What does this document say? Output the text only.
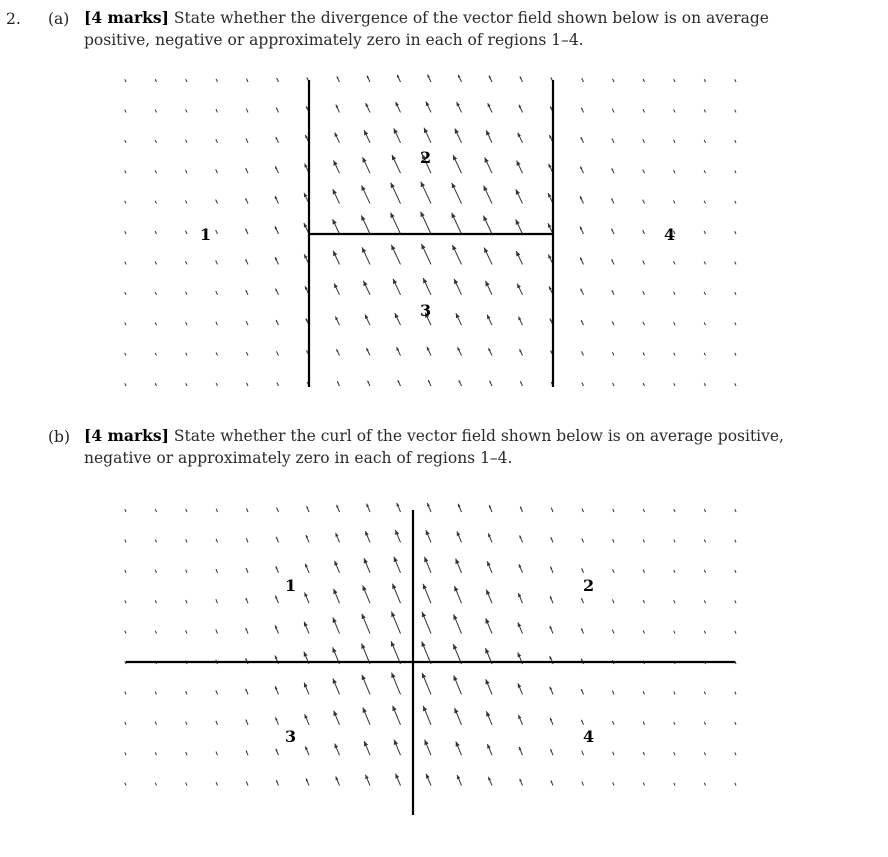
2. (a) [4 marks] State whether the divergence of the vector field shown below is on average
positive, negative or approximately zero in each of regions 1–4.
1
2
3
4
(b) [4 marks] State whether the curl of the vector field shown below is on average positive,
negative or approximately zero in each of regions 1–4.
1	2
3	4
